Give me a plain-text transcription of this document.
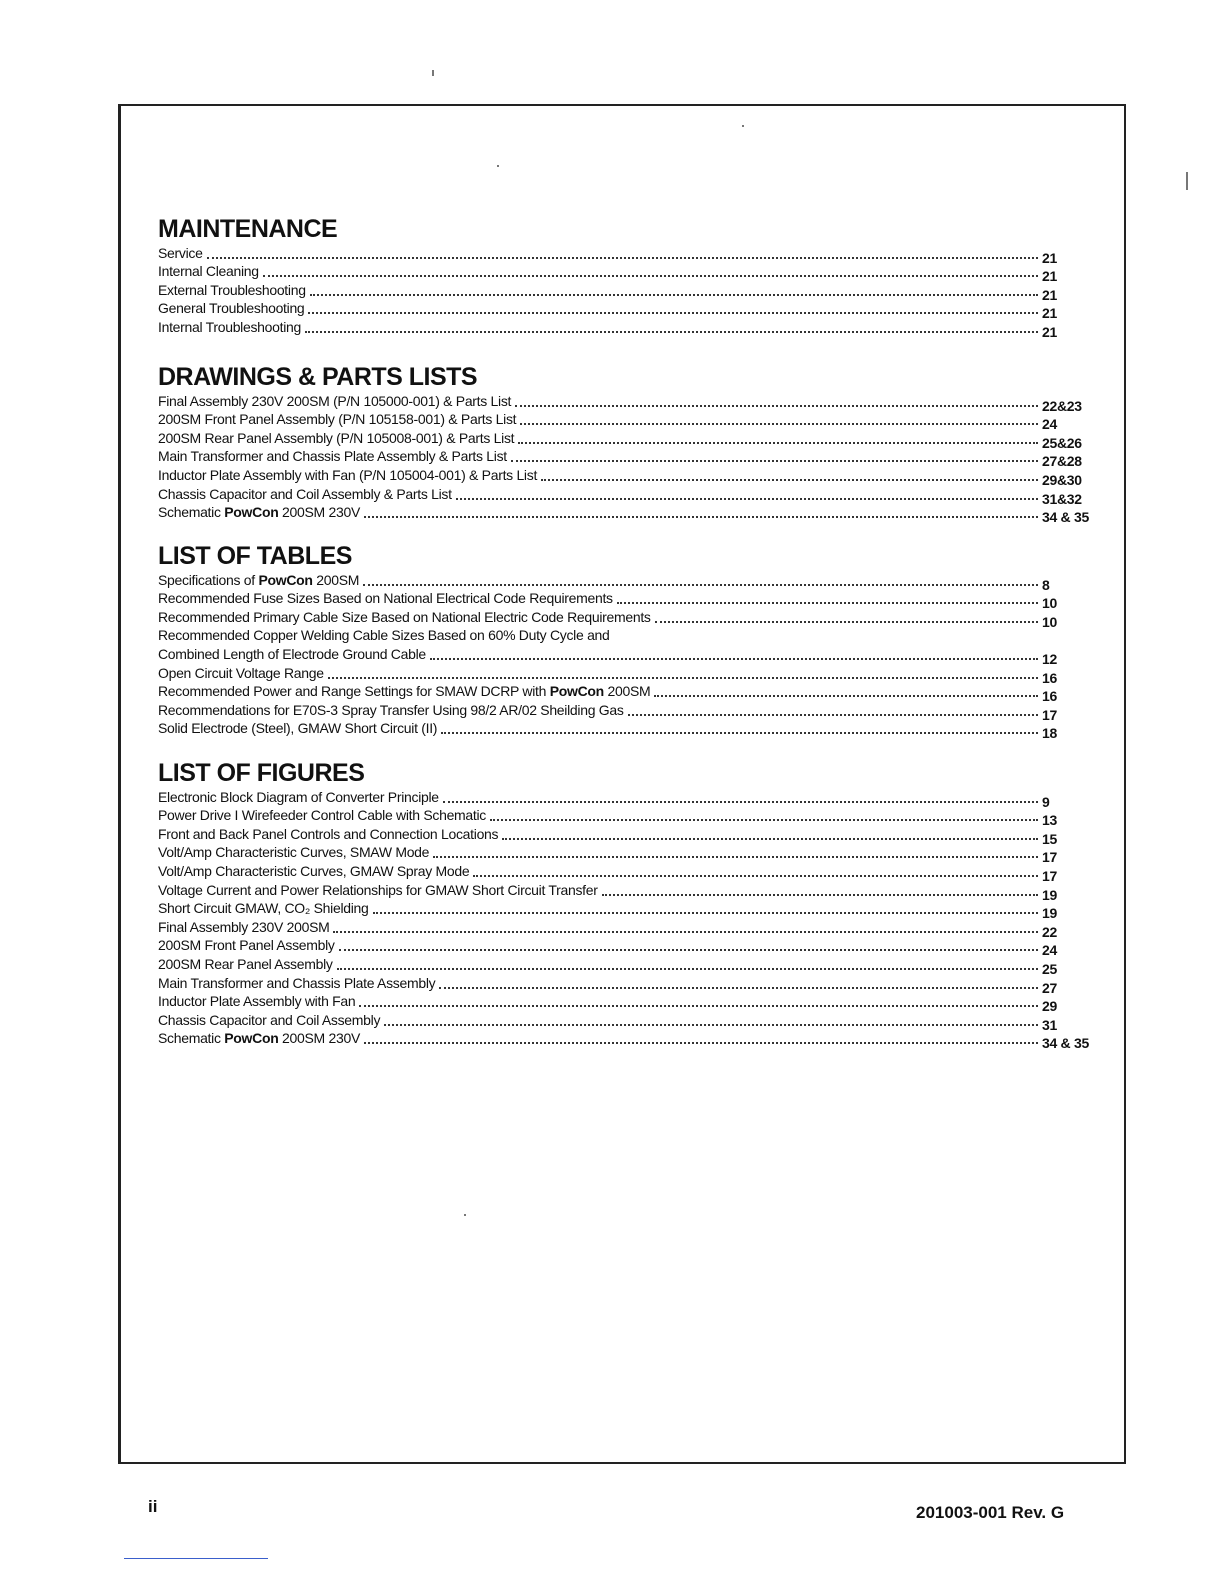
MAINTENANCE
Service	21
Internal Cleaning	21
External Troubleshooting	21
General Troubleshooting	21
Internal Troubleshooting	21
DRAWINGS & PARTS LISTS
Final Assembly 230V 200SM (P/N 105000-001) & Parts List	22&23
200SM Front Panel Assembly (P/N 105158-001) & Parts List	24
200SM Rear Panel Assembly (P/N 105008-001) & Parts List	25&26
Main Transformer and Chassis Plate Assembly & Parts List	27&28
Inductor Plate Assembly with Fan (P/N 105004-001) & Parts List	29&30
Chassis Capacitor and Coil Assembly & Parts List	31&32
Schematic PowCon 200SM 230V	34 & 35
LIST OF TABLES
Specifications of PowCon 200SM	8
Recommended Fuse Sizes Based on National Electrical Code Requirements	10
Recommended Primary Cable Size Based on National Electric Code Requirements	10
Recommended Copper Welding Cable Sizes Based on 60% Duty Cycle and
Combined Length of Electrode Ground Cable	12
Open Circuit Voltage Range	16
Recommended Power and Range Settings for SMAW DCRP with PowCon 200SM	16
Recommendations for E70S-3 Spray Transfer Using 98/2 AR/02 Sheilding Gas	17
Solid Electrode (Steel), GMAW Short Circuit (II)	18
LIST OF FIGURES
Electronic Block Diagram of Converter Principle	9
Power Drive I Wirefeeder Control Cable with Schematic	13
Front and Back Panel Controls and Connection Locations	15
Volt/Amp Characteristic Curves, SMAW Mode	17
Volt/Amp Characteristic Curves, GMAW Spray Mode	17
Voltage Current and Power Relationships for GMAW Short Circuit Transfer	19
Short Circuit GMAW, CO₂ Shielding	19
Final Assembly 230V 200SM	22
200SM Front Panel Assembly	24
200SM Rear Panel Assembly	25
Main Transformer and Chassis Plate Assembly	27
Inductor Plate Assembly with Fan	29
Chassis Capacitor and Coil Assembly	31
Schematic PowCon 200SM 230V	34 & 35
ii	201003-001 Rev. G
